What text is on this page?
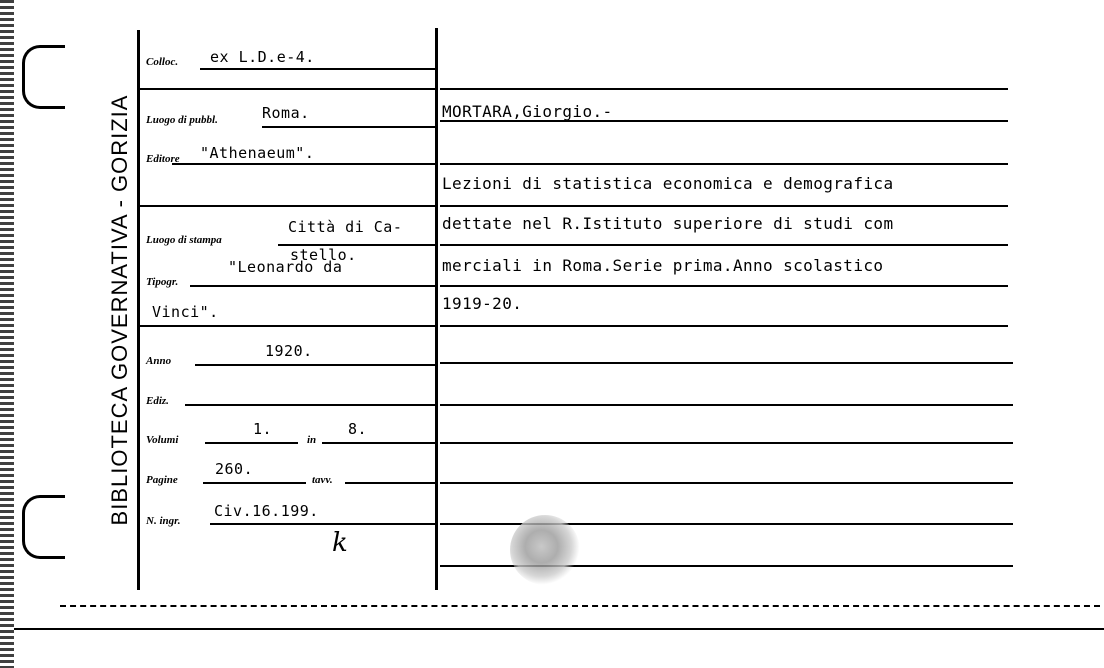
BIBLIOTECA GOVERNATIVA - GORIZIA
Colloc. ex L.D.e-4.
Luogo di pubbl.	Roma.
Editore "Athenaeum".
Luogo di stampa
Città di Ca-
stello.
Tipogr.
"Leonardo da
Vinci".
Anno
1920.
Ediz.
Volumi
1.
in
8.
Pagine
260.
tavv.
N. ingr.
Civ.16.199.
k
MORTARA,Giorgio.-
Lezioni di statistica economica e demografica
dettate nel R.Istituto superiore di studi com
merciali in Roma.Serie prima.Anno scolastico
1919-20.
